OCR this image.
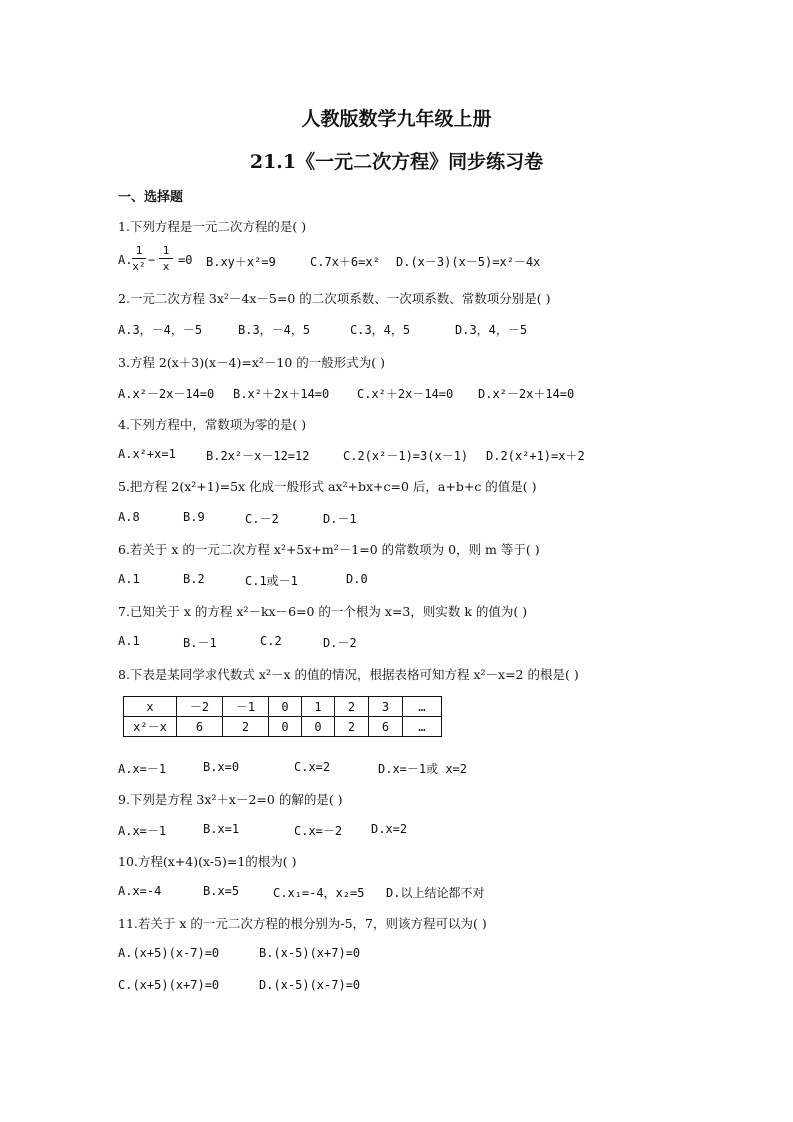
人教版数学九年级上册
21.1《一元二次方程》同步练习卷
一、选择题
1.下列方程是一元二次方程的是( )
A.
1
x² −
1
x =0 B.xy＋x²=9	C.7x＋6=x² D.(x－3)(x－5)=x²－4x
2.一元二次方程 3x²－4x－5=0 的二次项系数、一次项系数、常数项分别是( )
A.3，－4，－5	B.3，－4，5	C.3，4，5	D.3，4，－5
3.方程 2(x＋3)(x－4)=x²－10 的一般形式为( )
A.x²－2x－14=0 B.x²＋2x＋14=0 C.x²＋2x－14=0 D.x²－2x＋14=0
4.下列方程中，常数项为零的是( )
A.x²+x=1	B.2x²－x－12=12	C.2(x²－1)=3(x－1) D.2(x²+1)=x＋2
5.把方程 2(x²+1)=5x 化成一般形式 ax²+bx+c=0 后，a+b+c 的值是( )
A.8	B.9	C.－2	D.－1
6.若关于 x 的一元二次方程 x²+5x+m²－1=0 的常数项为 0，则 m 等于( )
A.1	B.2	C.1或－1	D.0
7.已知关于 x 的方程 x²－kx－6=0 的一个根为 x=3，则实数 k 的值为( )
A.1	B.－1	C.2	D.－2
8.下表是某同学求代数式 x²－x 的值的情况，根据表格可知方程 x²－x=2 的根是( )
x	－2	－1	0	1	2	3	…
x²－x	6	2	0	0	2	6	…
A.x=－1	B.x=0	C.x=2	D.x=－1或 x=2
9.下列是方程 3x²＋x－2=0 的解的是( )
A.x=－1	B.x=1	C.x=－2 D.x=2
10.方程(x+4)(x-5)=1的根为( )
A.x=-4	B.x=5	C.x₁=-4，x₂=5 D.以上结论都不对
11.若关于 x 的一元二次方程的根分别为-5，7，则该方程可以为( )
A.(x+5)(x-7)=0	B.(x-5)(x+7)=0
C.(x+5)(x+7)=0	D.(x-5)(x-7)=0
